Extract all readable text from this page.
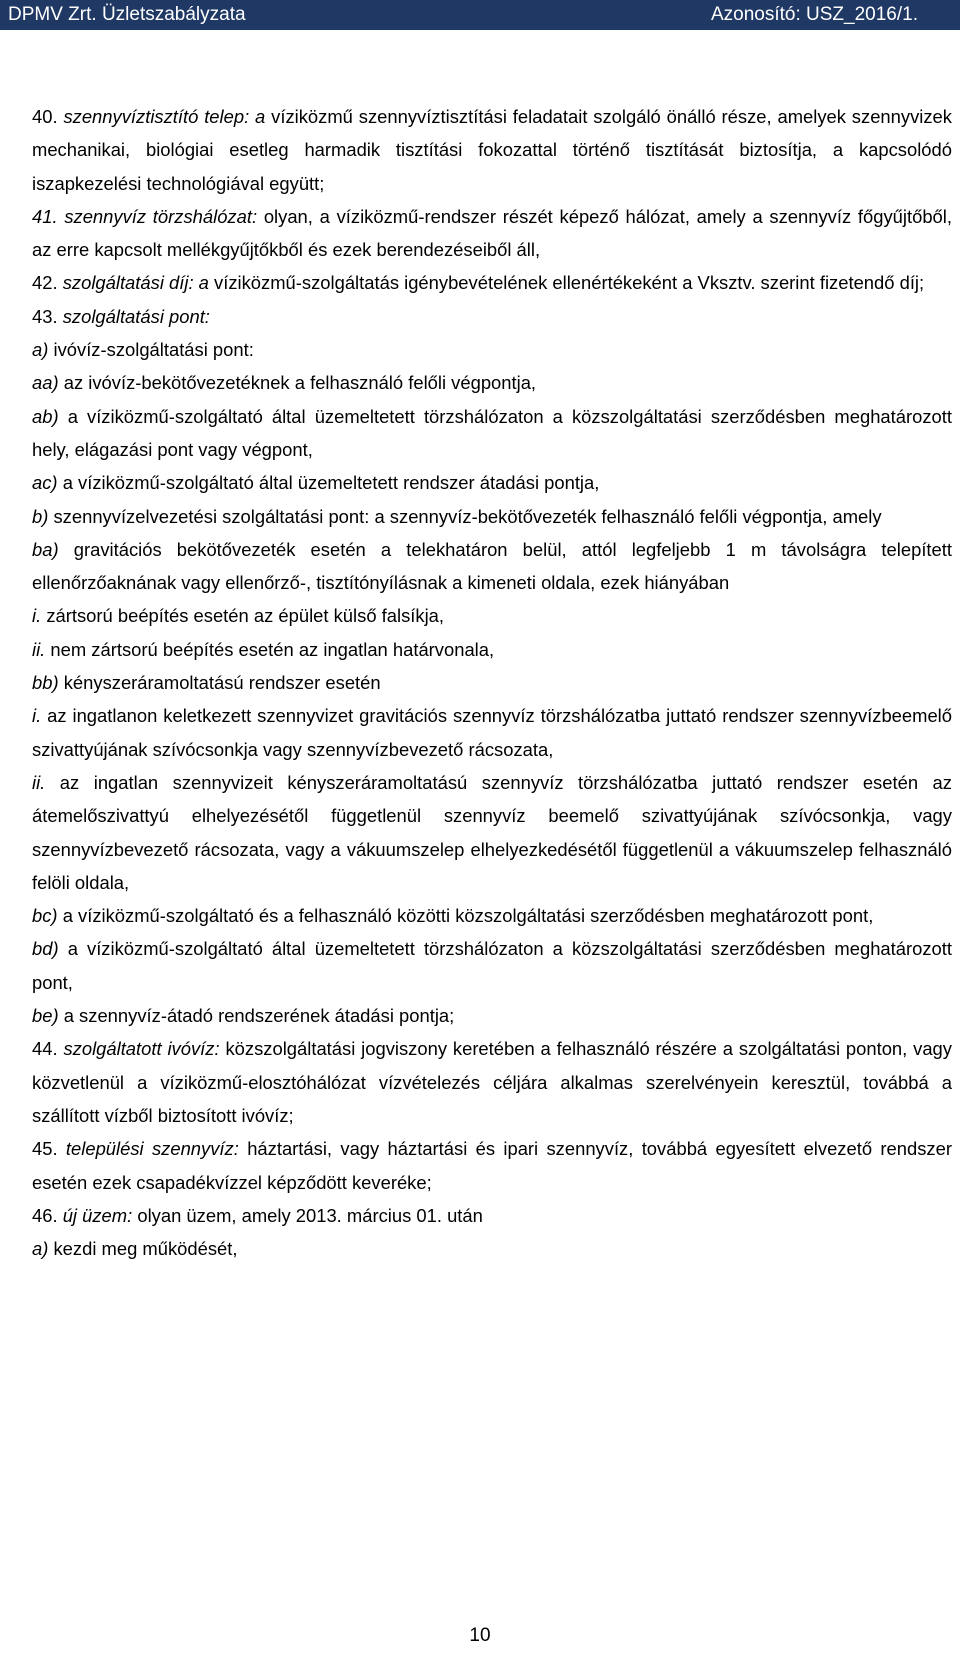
DPMV Zrt. Üzletszabályzata	Azonosító: USZ_2016/1.

40. szennyvíztisztító telep: a víziközmű szennyvíztisztítási feladatait szolgáló önálló része, amelyek szennyvizek mechanikai, biológiai esetleg harmadik tisztítási fokozattal történő tisztítását biztosítja, a kapcsolódó iszapkezelési technológiával együtt;

41. szennyvíz törzshálózat: olyan, a víziközmű-rendszer részét képező hálózat, amely a szennyvíz főgyűjtőből, az erre kapcsolt mellékgyűjtőkből és ezek berendezéseiből áll,

42. szolgáltatási díj: a víziközmű-szolgáltatás igénybevételének ellenértékeként a Vksztv. szerint fizetendő díj;

43. szolgáltatási pont:

a) ivóvíz-szolgáltatási pont:

aa) az ivóvíz-bekötővezetéknek a felhasználó felőli végpontja,

ab) a víziközmű-szolgáltató által üzemeltetett törzshálózaton a közszolgáltatási szerződésben meghatározott hely, elágazási pont vagy végpont,

ac) a víziközmű-szolgáltató által üzemeltetett rendszer átadási pontja,

b) szennyvízelvezetési szolgáltatási pont: a szennyvíz-bekötővezeték felhasználó felőli végpontja, amely

ba) gravitációs bekötővezeték esetén a telekhatáron belül, attól legfeljebb 1 m távolságra telepített ellenőrzőaknának vagy ellenőrző-, tisztítónyílásnak a kimeneti oldala, ezek hiányában

i. zártsorú beépítés esetén az épület külső falsíkja,

ii. nem zártsorú beépítés esetén az ingatlan határvonala,

bb) kényszeráramoltatású rendszer esetén

i. az ingatlanon keletkezett szennyvizet gravitációs szennyvíz törzshálózatba juttató rendszer szennyvízbeemelő szivattyújának szívócsonkja vagy szennyvízbevezető rácsozata,

ii. az ingatlan szennyvizeit kényszeráramoltatású szennyvíz törzshálózatba juttató rendszer esetén az átemelőszivattyú elhelyezésétől függetlenül szennyvíz beemelő szivattyújának szívócsonkja, vagy szennyvízbevezető rácsozata, vagy a vákuumszelep elhelyezkedésétől függetlenül a vákuumszelep felhasználó felöli oldala,

bc) a víziközmű-szolgáltató és a felhasználó közötti közszolgáltatási szerződésben meghatározott pont,

bd) a víziközmű-szolgáltató által üzemeltetett törzshálózaton a közszolgáltatási szerződésben meghatározott pont,

be) a szennyvíz-átadó rendszerének átadási pontja;

44. szolgáltatott ivóvíz: közszolgáltatási jogviszony keretében a felhasználó részére a szolgáltatási ponton, vagy közvetlenül a víziközmű-elosztóhálózat vízvételezés céljára alkalmas szerelvényein keresztül, továbbá a szállított vízből biztosított ivóvíz;

45. települési szennyvíz: háztartási, vagy háztartási és ipari szennyvíz, továbbá egyesített elvezető rendszer esetén ezek csapadékvízzel képződött keveréke;

46. új üzem: olyan üzem, amely 2013. március 01. után

a) kezdi meg működését,

10
